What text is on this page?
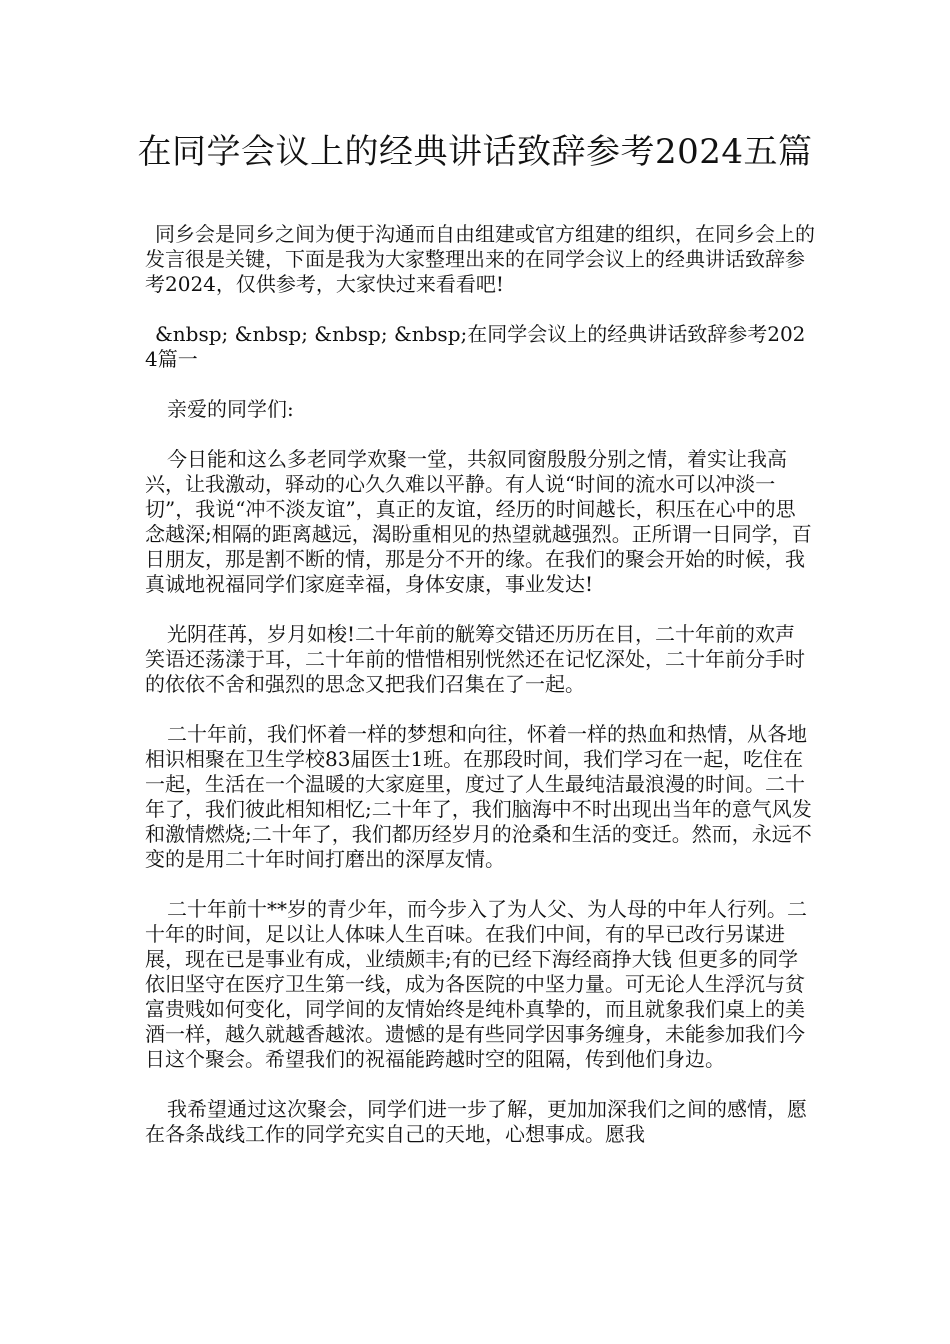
在同学会议上的经典讲话致辞参考2024五篇

同乡会是同乡之间为便于沟通而自由组建或官方组建的组织，在同乡会上的发言很是关键，下面是我为大家整理出来的在同学会议上的经典讲话致辞参考2024，仅供参考，大家快过来看看吧!

&nbsp; &nbsp; &nbsp; &nbsp;在同学会议上的经典讲话致辞参考2024篇一

亲爱的同学们:

今日能和这么多老同学欢聚一堂，共叙同窗殷殷分别之情，着实让我高兴，让我激动，驿动的心久久难以平静。有人说“时间的流水可以冲淡一切”，我说“冲不淡友谊”，真正的友谊，经历的时间越长，积压在心中的思念越深;相隔的距离越远，渴盼重相见的热望就越强烈。正所谓一日同学，百日朋友，那是割不断的情，那是分不开的缘。在我们的聚会开始的时候，我真诚地祝福同学们家庭幸福，身体安康，事业发达!

光阴荏苒，岁月如梭!二十年前的觥筹交错还历历在目，二十年前的欢声笑语还荡漾于耳，二十年前的惜惜相别恍然还在记忆深处，二十年前分手时的依依不舍和强烈的思念又把我们召集在了一起。

二十年前，我们怀着一样的梦想和向往，怀着一样的热血和热情，从各地相识相聚在卫生学校83届医士1班。在那段时间，我们学习在一起，吃住在一起，生活在一个温暖的大家庭里，度过了人生最纯洁最浪漫的时间。二十年了，我们彼此相知相忆;二十年了，我们脑海中不时出现出当年的意气风发和激情燃烧;二十年了，我们都历经岁月的沧桑和生活的变迁。然而，永远不变的是用二十年时间打磨出的深厚友情。

二十年前十**岁的青少年，而今步入了为人父、为人母的中年人行列。二十年的时间，足以让人体味人生百味。在我们中间，有的早已改行另谋进展，现在已是事业有成，业绩颇丰;有的已经下海经商挣大钱 但更多的同学依旧坚守在医疗卫生第一线，成为各医院的中坚力量。可无论人生浮沉与贫富贵贱如何变化，同学间的友情始终是纯朴真挚的，而且就象我们桌上的美酒一样，越久就越香越浓。遗憾的是有些同学因事务缠身，未能参加我们今日这个聚会。希望我们的祝福能跨越时空的阻隔，传到他们身边。

我希望通过这次聚会，同学们进一步了解，更加加深我们之间的感情，愿在各条战线工作的同学充实自己的天地，心想事成。愿我
